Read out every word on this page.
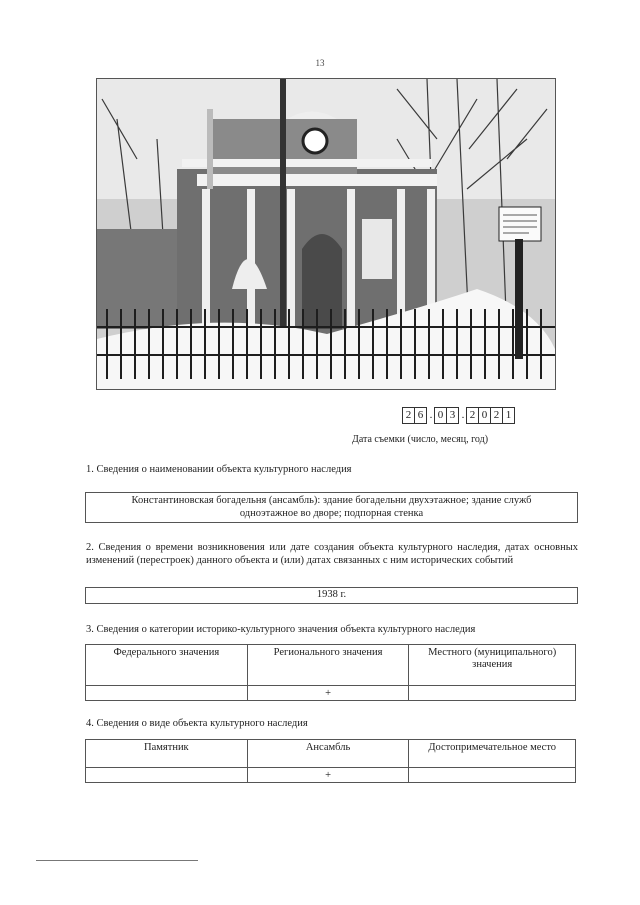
13
2 6 . 0 3 . 2 0 2 1
Дата съемки (число, месяц, год)
1. Сведения о наименовании объекта культурного наследия
Константиновская богадельня (ансамбль): здание богадельни двухэтажное; здание служб
одноэтажное во дворе; подпорная стенка
2. Сведения о времени возникновения или дате создания объекта культурного наследия, датах основных изменений (перестроек) данного объекта и (или) датах связанных с ним исторических событий
1938 г.
3. Сведения о категории историко-культурного значения объекта культурного наследия
Федерального значения	Регионального значения	Местного (муниципального) значения
	+	
4. Сведения о виде объекта культурного наследия
Памятник	Ансамбль	Достопримечательное место
	+	
